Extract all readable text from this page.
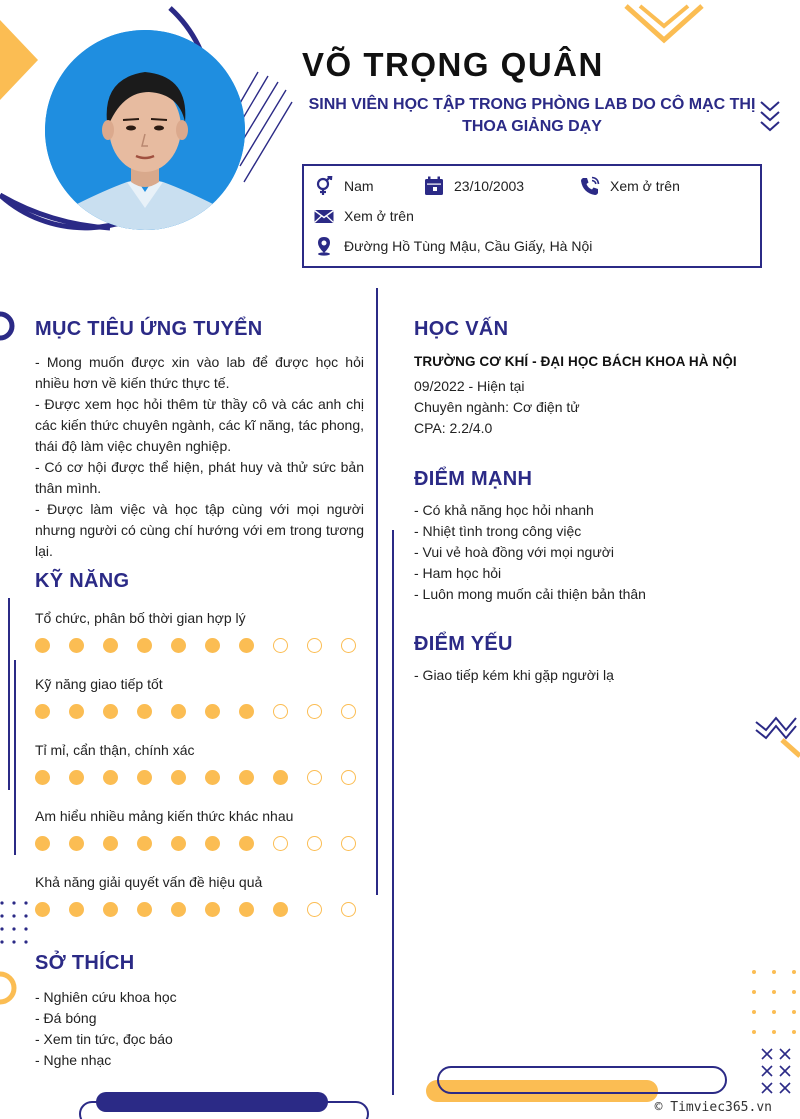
VÕ TRỌNG QUÂN
SINH VIÊN HỌC TẬP TRONG PHÒNG LAB DO CÔ MẠC THỊ THOA GIẢNG DẠY
Nam	23/10/2003	Xem ở trên
Xem ở trên
Đường Hồ Tùng Mậu, Cầu Giấy, Hà Nội
MỤC TIÊU ỨNG TUYỂN
- Mong muốn được xin vào lab để được học hỏi nhiều hơn về kiến thức thực tế.
- Được xem học hỏi thêm từ thầy cô và các anh chị các kiến thức chuyên ngành, các kĩ năng, tác phong, thái độ làm việc chuyên nghiệp.
- Có cơ hội được thể hiện, phát huy và thử sức bản thân mình.
- Được làm việc và học tập cùng với mọi người nhưng người có cùng chí hướng với em trong tương lại.
KỸ NĂNG
Tổ chức, phân bố thời gian hợp lý
Kỹ năng giao tiếp tốt
Tỉ mỉ, cẩn thận, chính xác
Am hiểu nhiều mảng kiến thức khác nhau
Khả năng giải quyết vấn đề hiệu quả
SỞ THÍCH
- Nghiên cứu khoa học
- Đá bóng
- Xem tin tức, đọc báo
- Nghe nhạc
HỌC VẤN
TRƯỜNG CƠ KHÍ - ĐẠI HỌC BÁCH KHOA HÀ NỘI
09/2022 - Hiện tại
Chuyên ngành: Cơ điện tử
CPA: 2.2/4.0
ĐIỂM MẠNH
- Có khả năng học hỏi nhanh
- Nhiệt tình trong công việc
- Vui vẻ hoà đồng với mọi người
- Ham học hỏi
- Luôn mong muốn cải thiện bản thân
ĐIỂM YẾU
- Giao tiếp kém khi gặp người lạ
© Timviec365.vn
